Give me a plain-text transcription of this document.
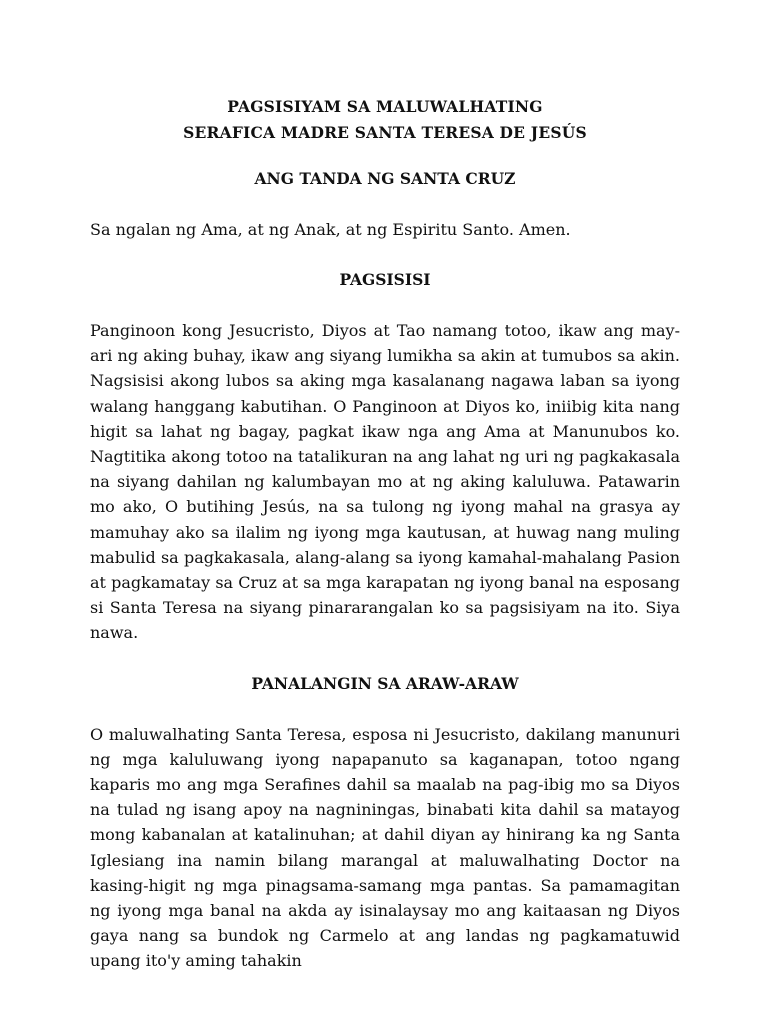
PAGSISIYAM SA MALUWALHATING
SERAFICA MADRE SANTA TERESA DE JESÚS
ANG TANDA NG SANTA CRUZ

Sa ngalan ng Ama, at ng Anak, at ng Espiritu Santo. Amen.

PAGSISISI

Panginoon kong Jesucristo, Diyos at Tao namang totoo, ikaw ang may-ari ng aking buhay, ikaw ang siyang lumikha sa akin at tumubos sa akin. Nagsisisi akong lubos sa aking mga kasalanang nagawa laban sa iyong walang hanggang kabutihan. O Panginoon at Diyos ko, iniibig kita nang higit sa lahat ng bagay, pagkat ikaw nga ang Ama at Manunubos ko. Nagtitika akong totoo na tatalikuran na ang lahat ng uri ng pagkakasala na siyang dahilan ng kalumbayan mo at ng aking kaluluwa. Patawarin mo ako, O butihing Jesús, na sa tulong ng iyong mahal na grasya ay mamuhay ako sa ilalim ng iyong mga kautusan, at huwag nang muling mabulid sa pagkakasala, alang-alang sa iyong kamahal-mahalang Pasion at pagkamatay sa Cruz at sa mga karapatan ng iyong banal na esposang si Santa Teresa na siyang pinararangalan ko sa pagsisiyam na ito. Siya nawa.

PANALANGIN SA ARAW-ARAW

O maluwalhating Santa Teresa, esposa ni Jesucristo, dakilang manunuri ng mga kaluluwang iyong napapanuto sa kaganapan, totoo ngang kaparis mo ang mga Serafines dahil sa maalab na pag-ibig mo sa Diyos na tulad ng isang apoy na nagniningas, binabati kita dahil sa matayog mong kabanalan at katalinuhan; at dahil diyan ay hinirang ka ng Santa Iglesiang ina namin bilang marangal at maluwalhating Doctor na kasing-higit ng mga pinagsama-samang mga pantas. Sa pamamagitan ng iyong mga banal na akda ay isinalaysay mo ang kaitaasan ng Diyos gaya nang sa bundok ng Carmelo at ang landas ng pagkamatuwid upang ito'y aming tahakin
